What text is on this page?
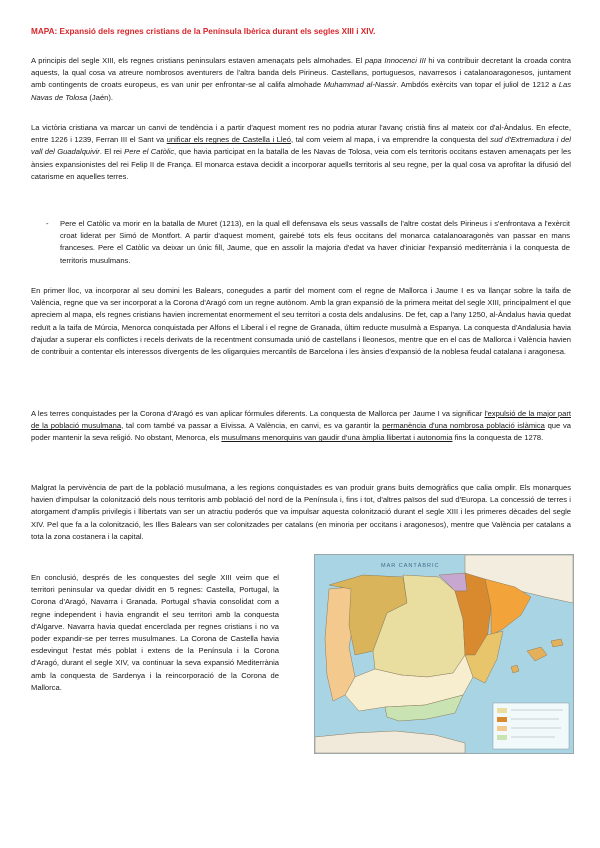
MAPA: Expansió dels regnes cristians de la Península Ibèrica durant els segles XIII i XIV.
A principis del segle XIII, els regnes cristians peninsulars estaven amenaçats pels almohades. El papa Innocenci III hi va contribuir decretant la croada contra aquests, la qual cosa va atreure nombrosos aventurers de l'altra banda dels Pirineus. Castellans, portuguesos, navarresos i catalanoaragonesos, juntament amb contingents de croats europeus, es van unir per enfrontar-se al califa almohade Muhammad al-Nassir. Ambdós exèrcits van topar el juliol de 1212 a Las Navas de Tolosa (Jaén).
La victòria cristiana va marcar un canvi de tendència i a partir d'aquest moment res no podria aturar l'avanç cristià fins al mateix cor d'al-Àndalus. En efecte, entre 1226 i 1239, Ferran III el Sant va unificar els regnes de Castella i Lleó, tal com veiem al mapa, i va emprendre la conquesta del sud d'Extremadura i del vall del Guadalquivir. El rei Pere el Catòlic, que havia participat en la batalla de les Navas de Tolosa, veia com els territoris occitans estaven amenaçats per les ànsies expansionistes del rei Felip II de França. El monarca estava decidit a incorporar aquells territoris al seu regne, per la qual cosa va aprofitar la difusió del catarisme en aquelles terres.
- Pere el Catòlic va morir en la batalla de Muret (1213), en la qual ell defensava els seus vassalls de l'altre costat dels Pirineus i s'enfrontava a l'exèrcit croat liderat per Simó de Montfort. A partir d'aquest moment, gairebé tots els feus occitans del monarca catalanoaragonès van passar en mans franceses. Pere el Catòlic va deixar un únic fill, Jaume, que en assolir la majoria d'edat va haver d'iniciar l'expansió mediterrània i la conquesta de territoris musulmans.
En primer lloc, va incorporar al seu domini les Balears, conegudes a partir del moment com el regne de Mallorca i Jaume I es va llançar sobre la taifa de València, regne que va ser incorporat a la Corona d'Aragó com un regne autònom. Amb la gran expansió de la primera meitat del segle XIII, principalment el que apreciem al mapa, els regnes cristians havien incrementat enormement el seu territori a costa dels andalusins. De fet, cap a l'any 1250, al-Àndalus havia quedat reduït a la taifa de Múrcia, Menorca conquistada per Alfons el Liberal i el regne de Granada, últim reducte musulmà a Espanya. La conquesta d'Andalusia havia d'ajudar a superar els conflictes i recels derivats de la recentment consumada unió de castellans i lleonesos, mentre que en el cas de Mallorca i València havien de contribuir a contentar els interessos divergents de les oligarquies mercantils de Barcelona i les ànsies d'expansió de la noblesa feudal catalana i aragonesa.
A les terres conquistades per la Corona d'Aragó es van aplicar fórmules diferents. La conquesta de Mallorca per Jaume I va significar l'expulsió de la major part de la població musulmana, tal com també va passar a Eivissa. A València, en canvi, es va garantir la permanència d'una nombrosa població islàmica que va poder mantenir la seva religió. No obstant, Menorca, els musulmans menorquins van gaudir d'una àmplia llibertat i autonomia fins la conquesta de 1278.
Malgrat la pervivència de part de la població musulmana, a les regions conquistades es van produir grans buits demogràfics que calia omplir. Els monarques havien d'impulsar la colonització dels nous territoris amb població del nord de la Península i, fins i tot, d'altres països del sud d'Europa. La concessió de terres i atorgament d'amplis privilegis i llibertats van ser un atractiu poderós que va impulsar aquesta colonització durant el segle XIII i les primeres dècades del segle XIV. Pel que fa a la colonització, les Illes Balears van ser colonitzades per catalans (en minoria per occitans i aragonesos), mentre que València per catalans a tota la zona costanera i la capital.
En conclusió, després de les conquestes del segle XIII veim que el territori peninsular va quedar dividit en 5 regnes: Castella, Portugal, la Corona d'Aragó, Navarra i Granada. Portugal s'havia consolidat com a regne independent i havia engrandit el seu territori amb la conquesta d'Algarve. Navarra havia quedat encerclada per regnes cristians i no va poder expandir-se per terres musulmanes. La Corona de Castella havia esdevingut l'estat més poblat i extens de la Península i la Corona d'Aragó, durant el segle XIV, va continuar la seva expansió Mediterrània amb la conquesta de Sardenya i la reincorporació de la Corona de Mallorca.
MAR CANTÀBRIC
